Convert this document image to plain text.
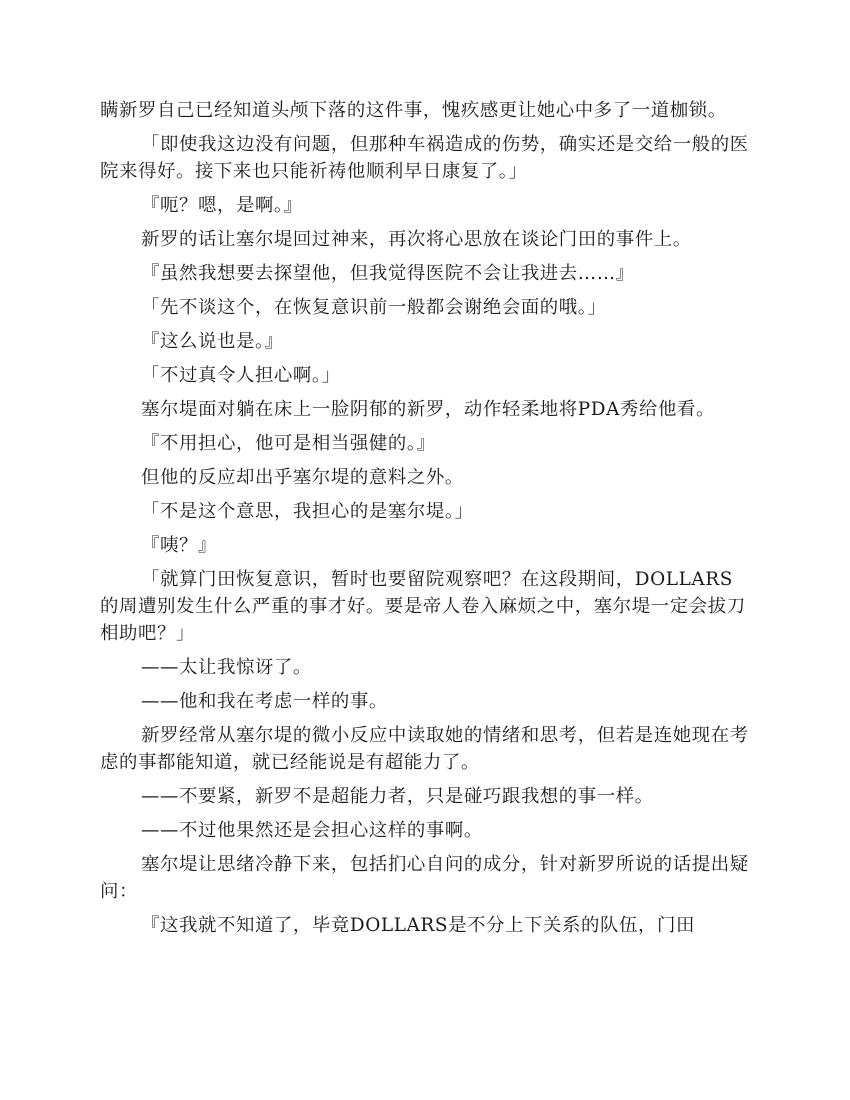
瞒新罗自己已经知道头颅下落的这件事，愧疚感更让她心中多了一道枷锁。

「即使我这边没有问题，但那种车祸造成的伤势，确实还是交给一般的医院来得好。接下来也只能祈祷他顺利早日康复了。」

『呃？嗯，是啊。』

新罗的话让塞尔堤回过神来，再次将心思放在谈论门田的事件上。

『虽然我想要去探望他，但我觉得医院不会让我进去……』

「先不谈这个，在恢复意识前一般都会谢绝会面的哦。」

『这么说也是。』

「不过真令人担心啊。」

塞尔堤面对躺在床上一脸阴郁的新罗，动作轻柔地将PDA秀给他看。

『不用担心，他可是相当强健的。』

但他的反应却出乎塞尔堤的意料之外。

「不是这个意思，我担心的是塞尔堤。」

『咦？』

「就算门田恢复意识，暂时也要留院观察吧？在这段期间，DOLLARS的周遭别发生什么严重的事才好。要是帝人卷入麻烦之中，塞尔堤一定会拔刀相助吧？」

——太让我惊讶了。

——他和我在考虑一样的事。

新罗经常从塞尔堤的微小反应中读取她的情绪和思考，但若是连她现在考虑的事都能知道，就已经能说是有超能力了。

——不要紧，新罗不是超能力者，只是碰巧跟我想的事一样。

——不过他果然还是会担心这样的事啊。

塞尔堤让思绪冷静下来，包括扪心自问的成分，针对新罗所说的话提出疑问：

『这我就不知道了，毕竟DOLLARS是不分上下关系的队伍，门田
